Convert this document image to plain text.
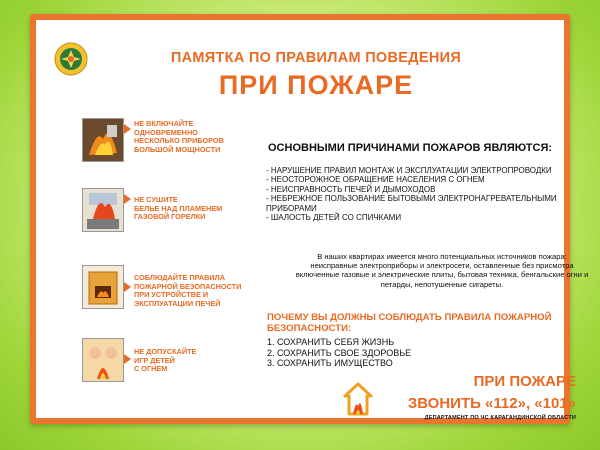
ПАМЯТКА ПО ПРАВИЛАМ ПОВЕДЕНИЯ
ПРИ ПОЖАРЕ
НЕ ВКЛЮЧАЙТЕ
ОДНОВРЕМЕННО
НЕСКОЛЬКО ПРИБОРОВ
БОЛЬШОЙ МОЩНОСТИ
НЕ СУШИТЕ
БЕЛЬЕ НАД ПЛАМЕНЕМ
ГАЗОВОЙ ГОРЕЛКИ
СОБЛЮДАЙТЕ ПРАВИЛА
ПОЖАРНОЙ БЕЗОПАСНОСТИ
ПРИ УСТРОЙСТВЕ И
ЭКСПЛУАТАЦИИ ПЕЧЕЙ
НЕ ДОПУСКАЙТЕ
ИГР ДЕТЕЙ
С ОГНЕМ
ОСНОВНЫМИ ПРИЧИНАМИ ПОЖАРОВ ЯВЛЯЮТСЯ:
- НАРУШЕНИЕ ПРАВИЛ МОНТАЖ И ЭКСПЛУАТАЦИИ ЭЛЕКТРОПРОВОДКИ
- НЕОСТОРОЖНОЕ ОБРАЩЕНИЕ НАСЕЛЕНИЯ С ОГНЕМ
- НЕИСПРАВНОСТЬ ПЕЧЕЙ И ДЫМОХОДОВ
- НЕБРЕЖНОЕ ПОЛЬЗОВАНИЕ БЫТОВЫМИ ЭЛЕКТРОНАГРЕВАТЕЛЬНЫМИ ПРИБОРАМИ
- ШАЛОСТЬ ДЕТЕЙ СО СПИЧКАМИ
В наших квартирах имеется много потенциальных источников пожара: неисправные электроприборы и электросети, оставленные без присмотра включенные газовые и электрические плиты, бытовая техника, бенгальские огни и петарды, непотушенные сигареты.
ПОЧЕМУ ВЫ ДОЛЖНЫ СОБЛЮДАТЬ ПРАВИЛА ПОЖАРНОЙ БЕЗОПАСНОСТИ:
1. СОХРАНИТЬ СЕБЯ ЖИЗНЬ
2. СОХРАНИТЬ СВОЕ ЗДОРОВЬЕ
3. СОХРАНИТЬ ИМУЩЕСТВО
ПРИ ПОЖАРЕ
ЗВОНИТЬ «112», «101»
ДЕПАРТАМЕНТ ПО ЧС КАРАГАНДИНСКОЙ ОБЛАСТИ
